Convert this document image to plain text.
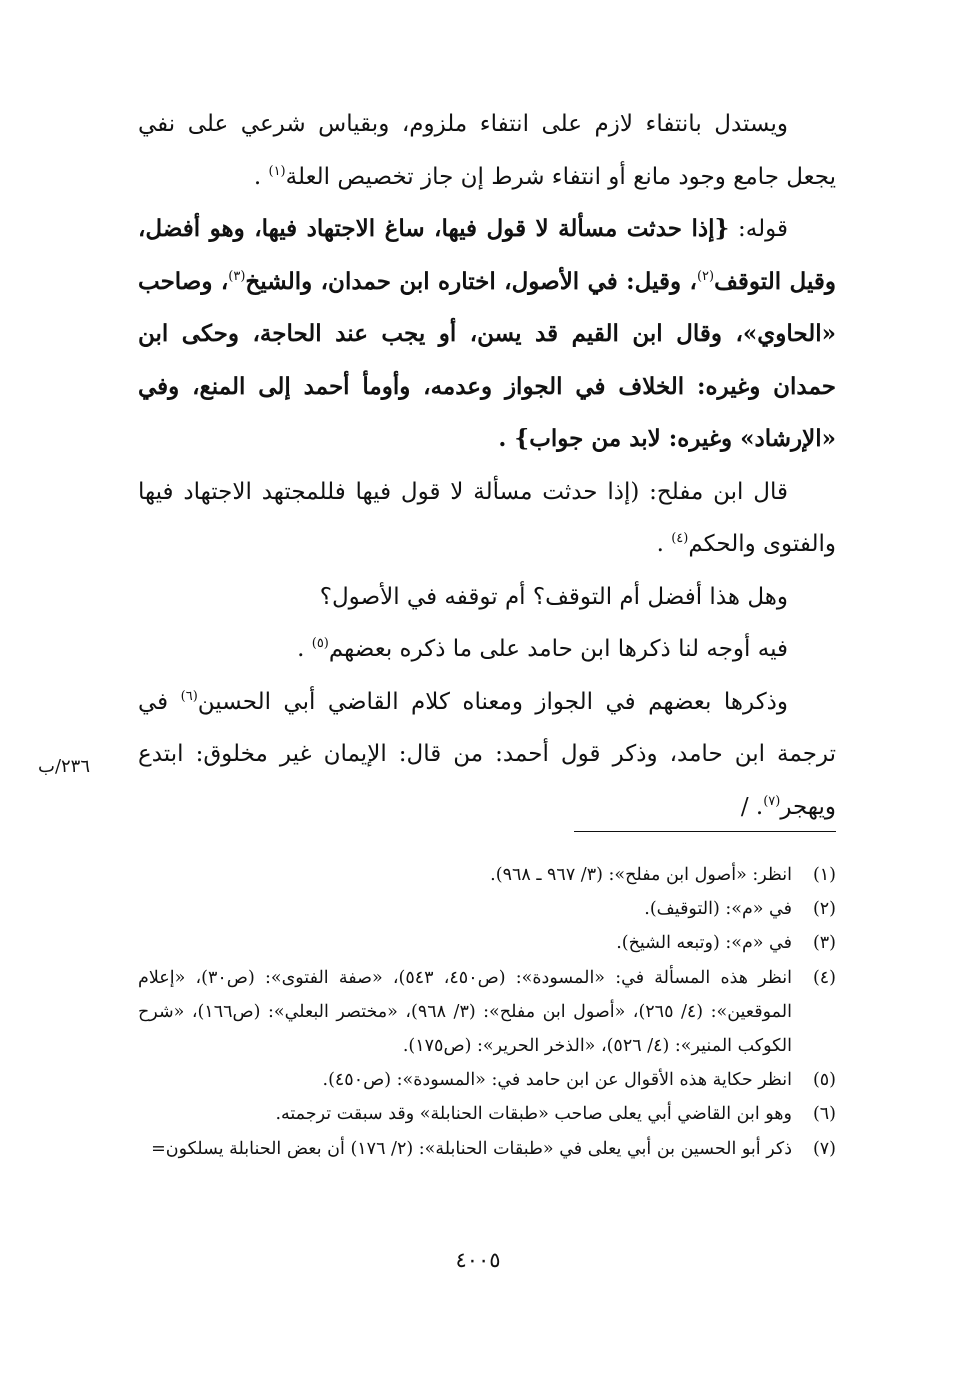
ويستدل بانتفاء لازم على انتفاء ملزوم، وبقياس شرعي على نفي يجعل جامع وجود مانع أو انتفاء شرط إن جاز تخصيص العلة$^{(١)}$ .

قوله: {إذا حدثت مسألة لا قول فيها، ساغ الاجتهاد فيها، وهو أفضل، وقيل التوقف$^{(٢)}$، وقيل: في الأصول، اختاره ابن حمدان، والشيخ$^{(٣)}$، وصاحب «الحاوي»، وقال ابن القيم قد يسن، أو يجب عند الحاجة، وحكى ابن حمدان وغيره: الخلاف في الجواز وعدمه، وأومأ أحمد إلى المنع، وفي «الإرشاد» وغيره: لابد من جواب} .

قال ابن مفلح: (إذا حدثت مسألة لا قول فيها فللمجتهد الاجتهاد فيها والفتوى والحكم$^{(٤)}$ .

وهل هذا أفضل أم التوقف؟ أم توقفه في الأصول؟

فيه أوجه لنا ذكرها ابن حامد على ما ذكره بعضهم$^{(٥)}$ .

وذكرها بعضهم في الجواز ومعناه كلام القاضي أبي الحسين$^{(٦)}$ في ترجمة ابن حامد، وذكر قول أحمد: من قال: الإيمان غير مخلوق: ابتدع ويهجر$^{(٧)}$. /

٢٣٦/ب
(١)
انظر: «أصول ابن مفلح»: (٣/ ٩٦٧ ـ ٩٦٨).
(٢)
في «م»: (التوقيف).
(٣)
في «م»: (وتبعه الشيخ).
(٤)
انظر هذه المسألة في: «المسودة»: (ص٤٥٠، ٥٤٣)، «صفة الفتوى»: (ص٣٠)، «إعلام الموقعين»: (٤/ ٢٦٥)، «أصول ابن مفلح»: (٣/ ٩٦٨)، «مختصر البعلي»: (ص١٦٦)، «شرح الكوكب المنير»: (٤/ ٥٢٦)، «الذخر الحرير»: (ص١٧٥).
(٥)
انظر حكاية هذه الأقوال عن ابن حامد في: «المسودة»: (ص٤٥٠).
(٦)
وهو ابن القاضي أبي يعلى صاحب «طبقات الحنابلة» وقد سبقت ترجمته.
(٧)
ذكر أبو الحسين بن أبي يعلى في «طبقات الحنابلة»: (٢/ ١٧٦) أن بعض الحنابلة يسلكون=
٤٠٠٥
